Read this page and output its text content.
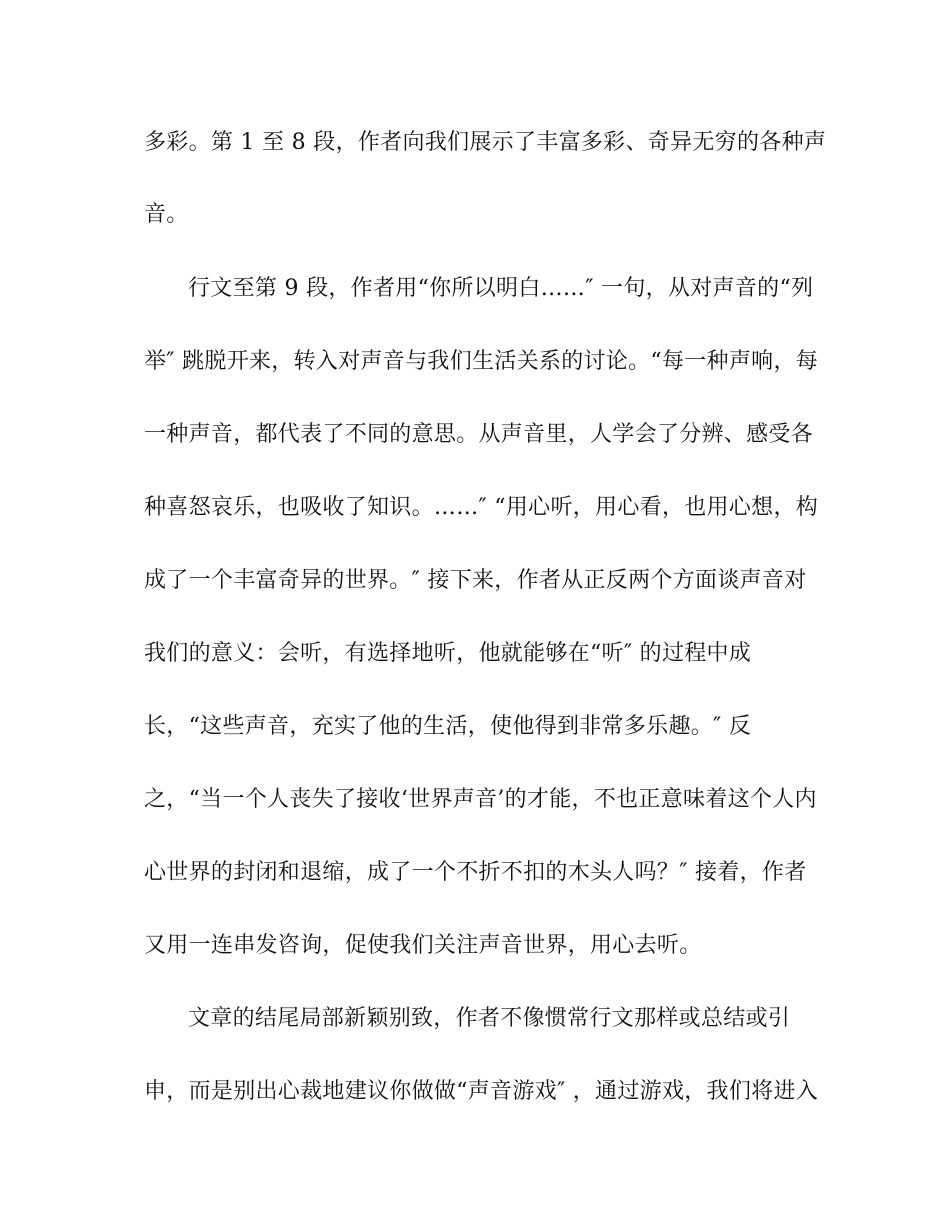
多彩。第 1 至 8 段，作者向我们展示了丰富多彩、奇异无穷的各种声
音。
行文至第 9 段，作者用“你所以明白……″ 一句，从对声音的“列
举″ 跳脱开来，转入对声音与我们生活关系的讨论。“每一种声响，每
一种声音，都代表了不同的意思。从声音里，人学会了分辨、感受各
种喜怒哀乐，也吸收了知识。……″ “用心听，用心看，也用心想，构
成了一个丰富奇异的世界。″ 接下来，作者从正反两个方面谈声音对
我们的意义：会听，有选择地听，他就能够在“听″ 的过程中成
长，“这些声音，充实了他的生活，使他得到非常多乐趣。″ 反
之，“当一个人丧失了接收‘世界声音’的才能，不也正意味着这个人内
心世界的封闭和退缩，成了一个不折不扣的木头人吗？″ 接着，作者
又用一连串发咨询，促使我们关注声音世界，用心去听。
文章的结尾局部新颖别致，作者不像惯常行文那样或总结或引
申，而是别出心裁地建议你做做“声音游戏″ ，通过游戏，我们将进入
